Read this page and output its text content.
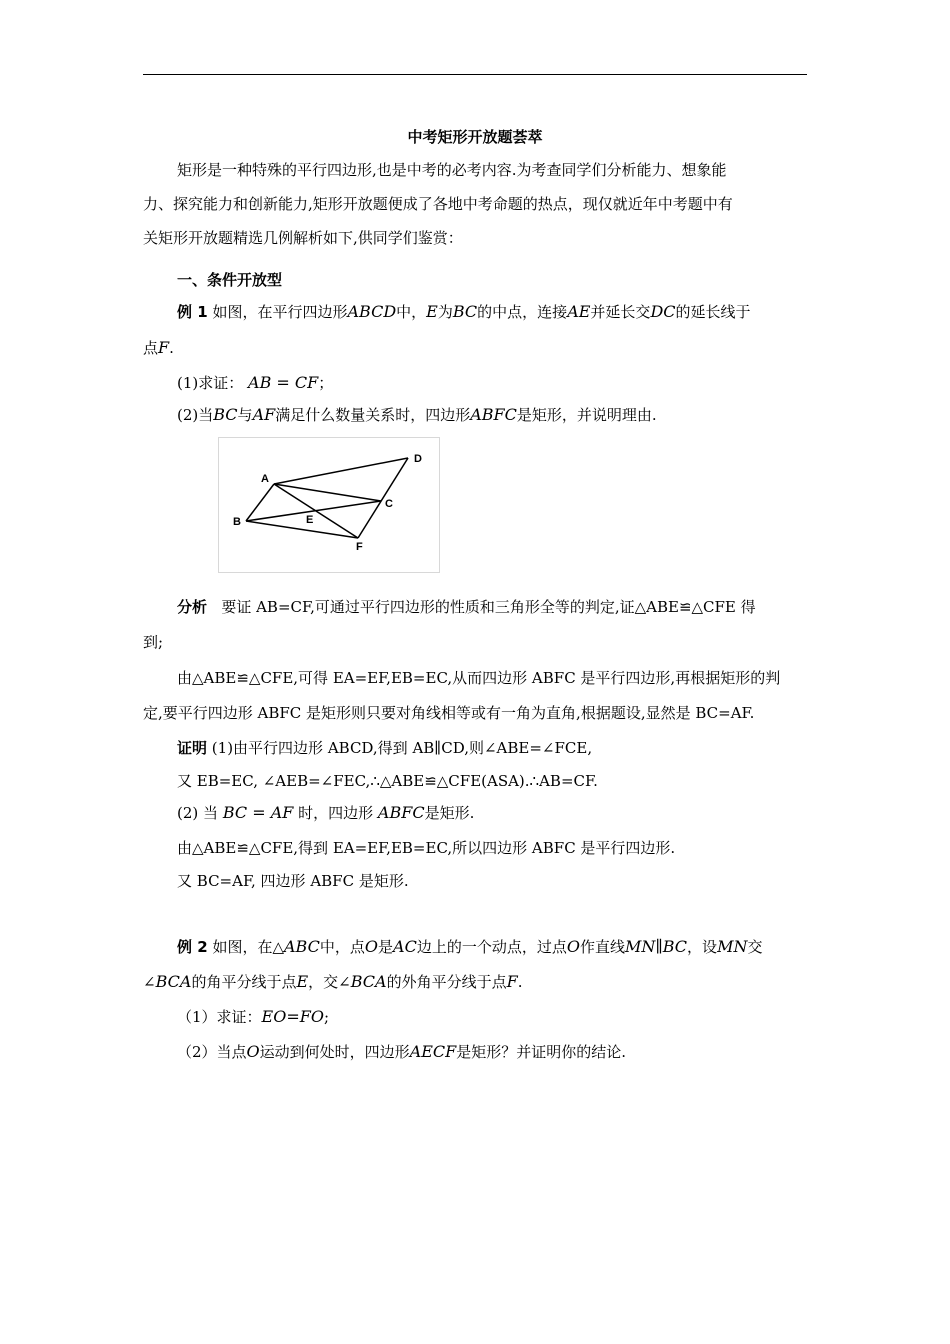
中考矩形开放题荟萃
矩形是一种特殊的平行四边形,也是中考的必考内容.为考查同学们分析能力、想象能
力、探究能力和创新能力,矩形开放题便成了各地中考命题的热点，现仅就近年中考题中有
关矩形开放题精选几例解析如下,供同学们鉴赏：
一、条件开放型
例 1 如图，在平行四边形ABCD中，E为BC的中点，连接AE并延长交DC的延长线于
点F.
(1)求证： AB = CF；
(2)当BC与AF满足什么数量关系时，四边形ABFC是矩形，并说明理由.
A
B
C
D
E
F
分析 要证 AB=CF,可通过平行四边形的性质和三角形全等的判定,证△ABE≌△CFE 得
到;
由△ABE≌△CFE,可得 EA=EF,EB=EC,从而四边形 ABFC 是平行四边形,再根据矩形的判
定,要平行四边形 ABFC 是矩形则只要对角线相等或有一角为直角,根据题设,显然是 BC=AF.
证明 (1)由平行四边形 ABCD,得到 AB∥CD,则∠ABE=∠FCE,
又 EB=EC, ∠AEB=∠FEC,∴△ABE≌△CFE(ASA).∴AB=CF.
(2) 当 BC = AF 时，四边形 ABFC是矩形.
由△ABE≌△CFE,得到 EA=EF,EB=EC,所以四边形 ABFC 是平行四边形.
又 BC=AF, 四边形 ABFC 是矩形.
例 2 如图，在△ABC中，点O是AC边上的一个动点，过点O作直线MN∥BC，设MN交
∠BCA的角平分线于点E，交∠BCA的外角平分线于点F.
（1）求证：EO=FO;
（2）当点O运动到何处时，四边形AECF是矩形？并证明你的结论.
